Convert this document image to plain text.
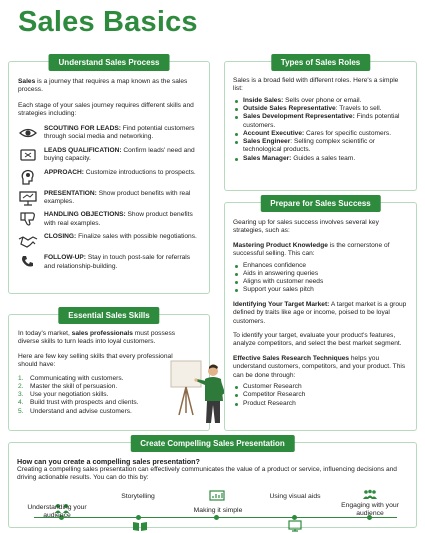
Sales Basics
Understand Sales Process

Sales is a journey that requires a map known as the sales process.

Each stage of your sales journey requires different skills and strategies including:

SCOUTING FOR LEADS: Find potential customers through social media and networking.
LEADS QUALIFICATION: Confirm leads' need and buying capacity.
APPROACH: Customize introductions to prospects.
PRESENTATION: Show product benefits with real examples.
HANDLING OBJECTIONS: Show product benefits with real examples.
CLOSING: Finalize sales with possible negotiations.
FOLLOW-UP: Stay in touch post-sale for referrals and relationship-building.
Essential Sales Skills

In today's market, sales professionals must possess diverse skills to turn leads into loyal customers.

Here are few key selling skills that every professional should have:

1. Communicating with customers.
2. Master the skill of persuasion.
3. Use your negotiation skills.
4. Build trust with prospects and clients.
5. Understand and advise customers.
Types of Sales Roles

Sales is a broad field with different roles. Here's a simple list:

Inside Sales: Sells over phone or email.
Outside Sales Representative: Travels to sell.
Sales Development Representative: Finds potential customers.
Account Executive: Cares for specific customers.
Sales Engineer: Selling complex scientific or technological products.
Sales Manager: Guides a sales team.
Prepare for Sales Success

Gearing up for sales success involves several key strategies, such as:

Mastering Product Knowledge is the cornerstone of successful selling. This can:

Enhances confidence
Aids in answering queries
Aligns with customer needs
Support your sales pitch

Identifying Your Target Market: A target market is a group defined by traits like age or income, poised to be loyal customers.

To identify your target, evaluate your product's features, analyze competitors, and select the best market segment.

Effective Sales Research Techniques helps you understand customers, competitors, and your product. This can be done through:

Customer Research
Competitor Research
Product Research
Create Compelling Sales Presentation

How can you create a compelling sales presentation?

Creating a compelling sales presentation can effectively communicates the value of a product or service, influencing decisions and driving actionable results. You can do this by:

Understanding your audience
Storytelling
Making it simple
Using visual aids
Engaging with your audience
